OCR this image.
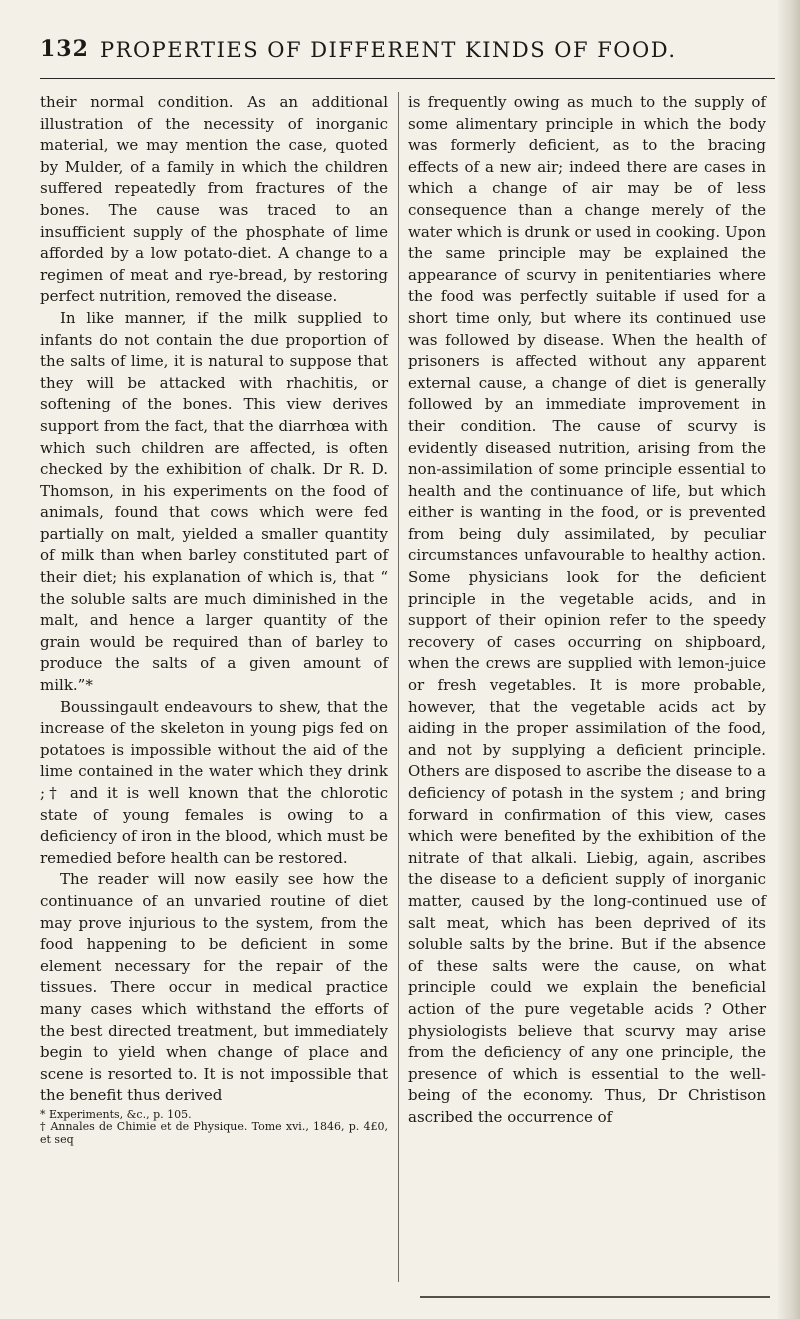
132 PROPERTIES OF DIFFERENT KINDS OF FOOD.

their normal condition. As an additional illustration of the necessity of inorganic material, we may mention the case, quoted by Mulder, of a family in which the children suffered repeatedly from fractures of the bones. The cause was traced to an insufficient supply of the phosphate of lime afforded by a low potato-diet. A change to a regimen of meat and rye-bread, by restoring perfect nutrition, removed the disease.

In like manner, if the milk supplied to infants do not contain the due proportion of the salts of lime, it is natural to suppose that they will be attacked with rhachitis, or softening of the bones. This view derives support from the fact, that the diarrhœa with which such children are affected, is often checked by the exhibition of chalk. Dr R. D. Thomson, in his experiments on the food of animals, found that cows which were fed partially on malt, yielded a smaller quantity of milk than when barley constituted part of their diet; his explanation of which is, that “ the soluble salts are much diminished in the malt, and hence a larger quantity of the grain would be required than of barley to produce the salts of a given amount of milk.”*

Boussingault endeavours to shew, that the increase of the skeleton in young pigs fed on potatoes is impossible without the aid of the lime contained in the water which they drink ;† and it is well known that the chlorotic state of young females is owing to a deficiency of iron in the blood, which must be remedied before health can be restored.

The reader will now easily see how the continuance of an unvaried routine of diet may prove injurious to the system, from the food happening to be deficient in some element necessary for the repair of the tissues. There occur in medical practice many cases which withstand the efforts of the best directed treatment, but immediately begin to yield when change of place and scene is resorted to. It is not impossible that the benefit thus derived

* Experiments, &c., p. 105.

† Annales de Chimie et de Physique. Tome xvi., 1846, p. 4£0, et seq

is frequently owing as much to the supply of some alimentary principle in which the body was formerly deficient, as to the bracing effects of a new air; indeed there are cases in which a change of air may be of less consequence than a change merely of the water which is drunk or used in cooking. Upon the same principle may be explained the appearance of scurvy in penitentiaries where the food was perfectly suitable if used for a short time only, but where its continued use was followed by disease. When the health of prisoners is affected without any apparent external cause, a change of diet is generally followed by an immediate improvement in their condition. The cause of scurvy is evidently diseased nutrition, arising from the non-assimilation of some principle essential to health and the continuance of life, but which either is wanting in the food, or is prevented from being duly assimilated, by peculiar circumstances unfavourable to healthy action. Some physicians look for the deficient principle in the vegetable acids, and in support of their opinion refer to the speedy recovery of cases occurring on shipboard, when the crews are supplied with lemon-juice or fresh vegetables. It is more probable, however, that the vegetable acids act by aiding in the proper assimilation of the food, and not by supplying a deficient principle. Others are disposed to ascribe the disease to a deficiency of potash in the system ; and bring forward in confirmation of this view, cases which were benefited by the exhibition of the nitrate of that alkali. Liebig, again, ascribes the disease to a deficient supply of inorganic matter, caused by the long-continued use of salt meat, which has been deprived of its soluble salts by the brine. But if the absence of these salts were the cause, on what principle could we explain the beneficial action of the pure vegetable acids ? Other physiologists believe that scurvy may arise from the deficiency of any one principle, the presence of which is essential to the well-being of the economy. Thus, Dr Christison ascribed the occurrence of
